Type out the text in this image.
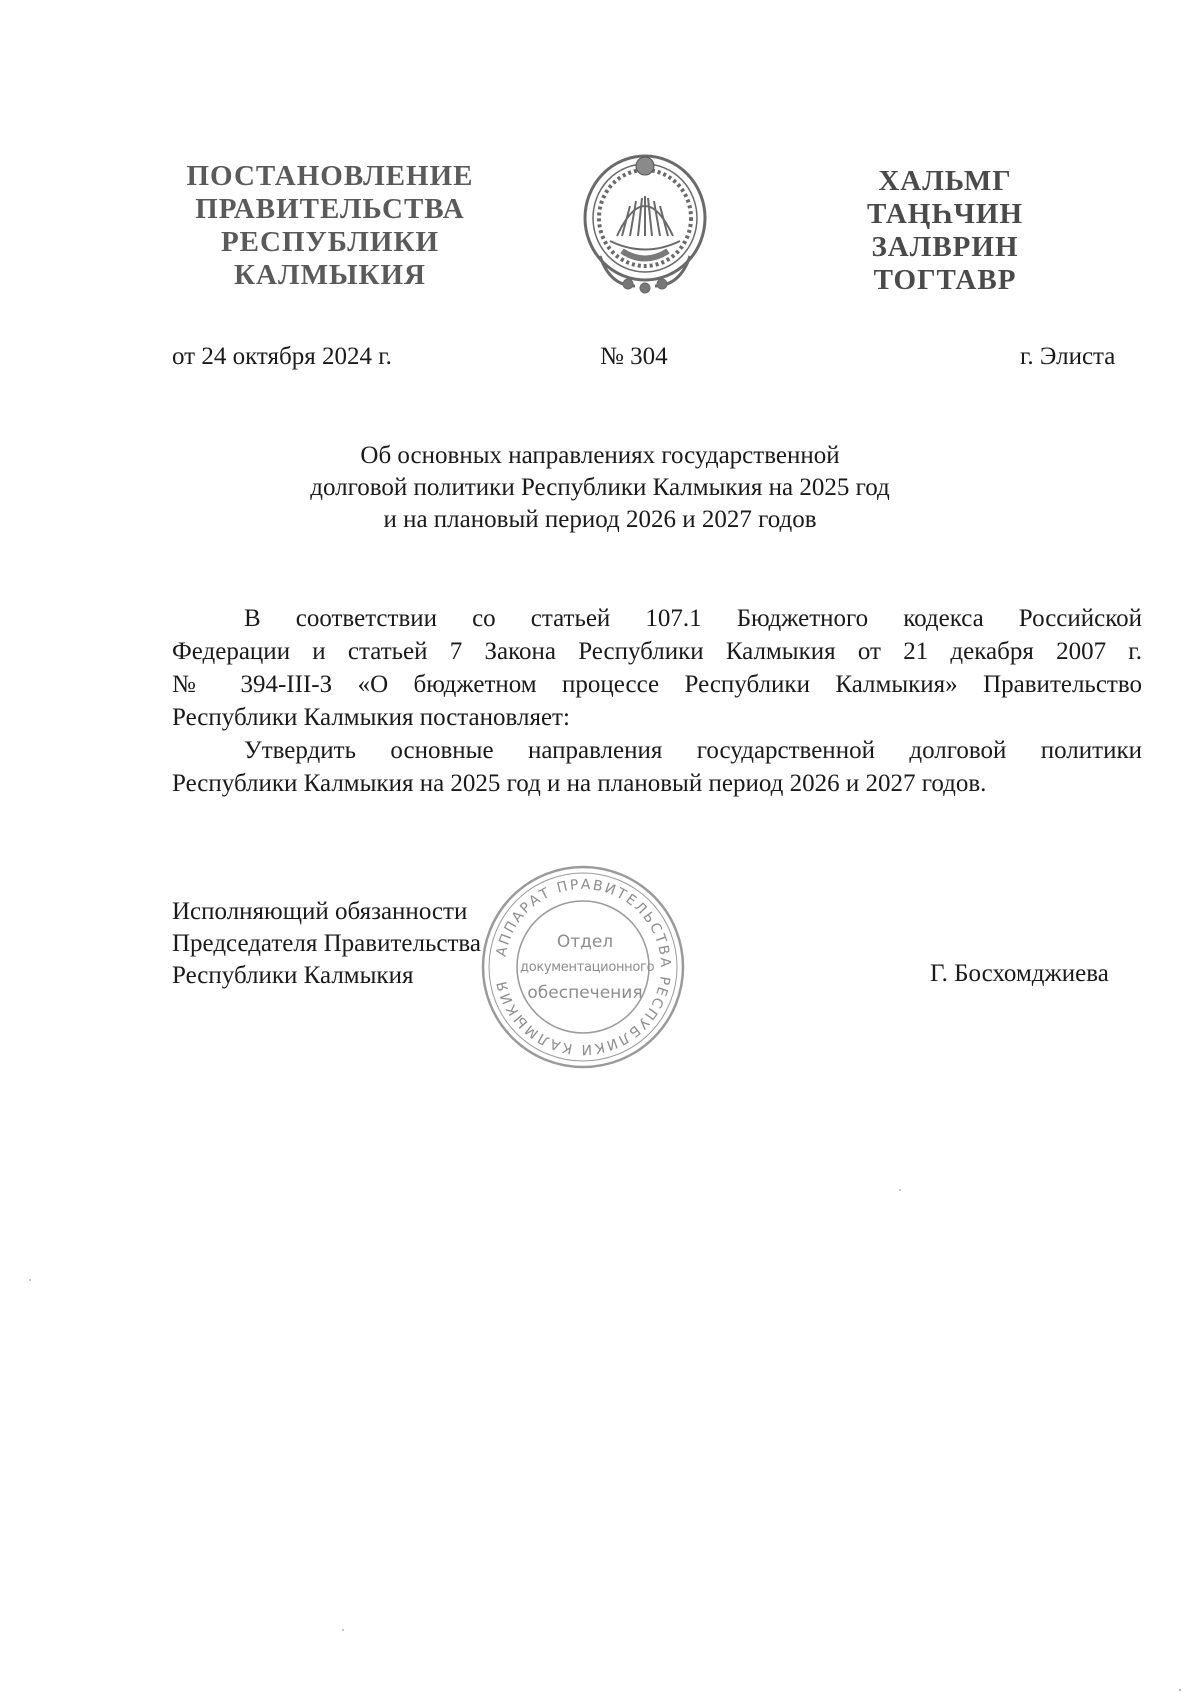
ПОСТАНОВЛЕНИЕ
ПРАВИТЕЛЬСТВА
РЕСПУБЛИКИ
КАЛМЫКИЯ
ХАЛЬМГ
ТАҢҺЧИН
ЗАЛВРИН
ТОГТАВР
от 24 октября 2024 г.	№ 304	г. Элиста
Об основных направлениях государственной
долговой политики Республики Калмыкия на 2025 год
и на плановый период 2026 и 2027 годов
В соответствии со статьей 107.1 Бюджетного кодекса Российской
Федерации и статьей 7 Закона Республики Калмыкия от 21 декабря 2007 г.
№ 394-III-З «О бюджетном процессе Республики Калмыкия» Правительство
Республики Калмыкия постановляет:
Утвердить основные направления государственной долговой политики
Республики Калмыкия на 2025 год и на плановый период 2026 и 2027 годов.
АППАРАТ ПРАВИТЕЛЬСТВА РЕСПУБЛИКИ КАЛМЫКИЯ
Отдел
документационного
обеспечения
Исполняющий обязанности
Председателя Правительства
Республики Калмыкия	Г. Босхомджиева
